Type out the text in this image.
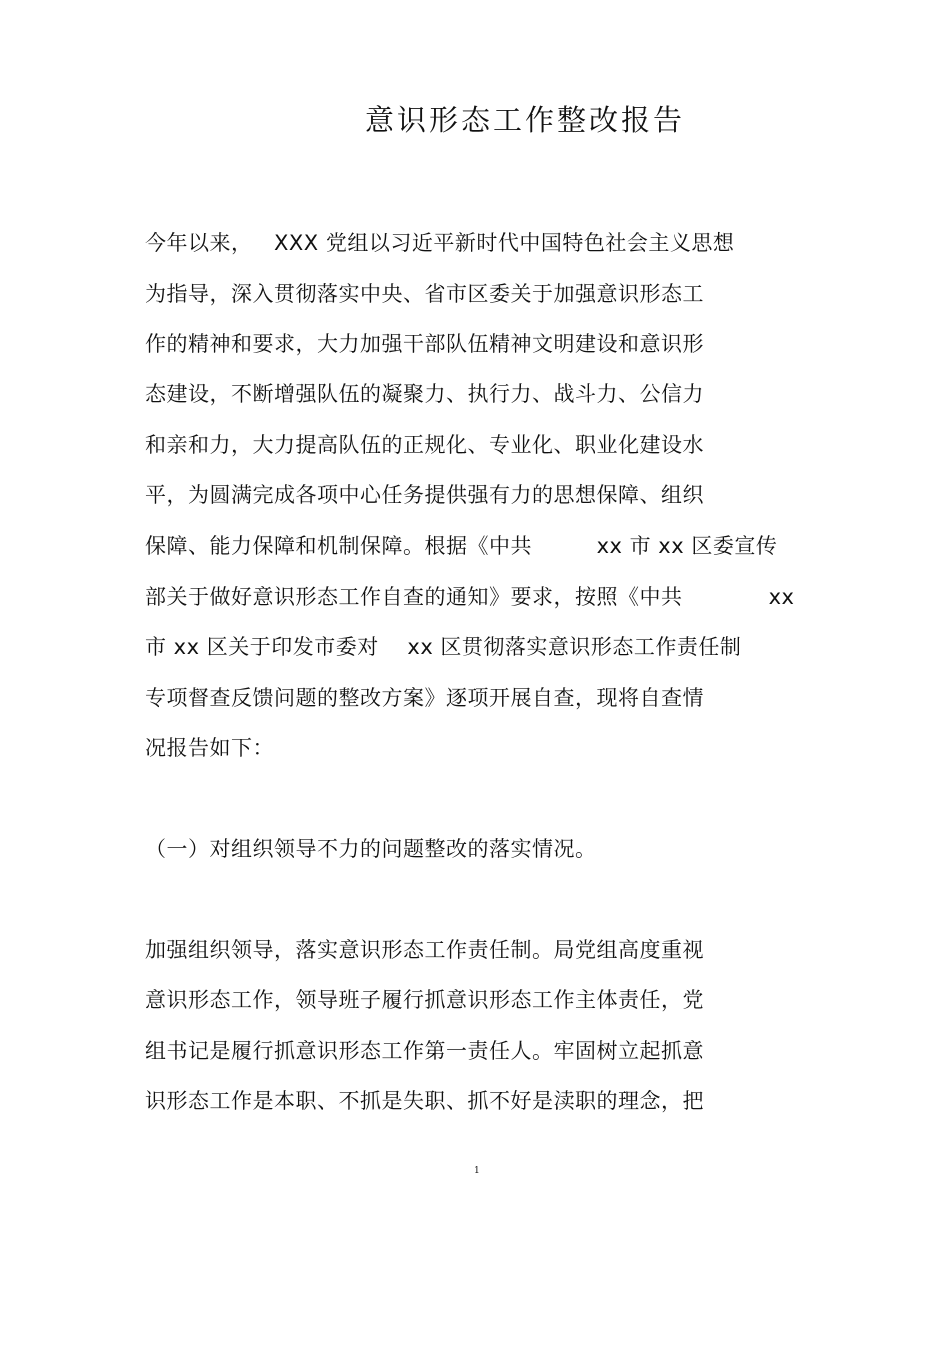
意识形态工作整改报告
今年以来，   XXX 党组以习近平新时代中国特色社会主义思想
为指导，深入贯彻落实中央、省市区委关于加强意识形态工
作的精神和要求，大力加强干部队伍精神文明建设和意识形
态建设，不断增强队伍的凝聚力、执行力、战斗力、公信力
和亲和力，大力提高队伍的正规化、专业化、职业化建设水
平，为圆满完成各项中心任务提供强有力的思想保障、组织
保障、能力保障和机制保障。根据《中共         xx 市 xx 区委宣传
部关于做好意识形态工作自查的通知》要求，按照《中共            xx
市 xx 区关于印发市委对    xx 区贯彻落实意识形态工作责任制
专项督查反馈问题的整改方案》逐项开展自查，现将自查情
况报告如下：
（一）对组织领导不力的问题整改的落实情况。
加强组织领导，落实意识形态工作责任制。局党组高度重视
意识形态工作，领导班子履行抓意识形态工作主体责任，党
组书记是履行抓意识形态工作第一责任人。牢固树立起抓意
识形态工作是本职、不抓是失职、抓不好是渎职的理念，把
1
